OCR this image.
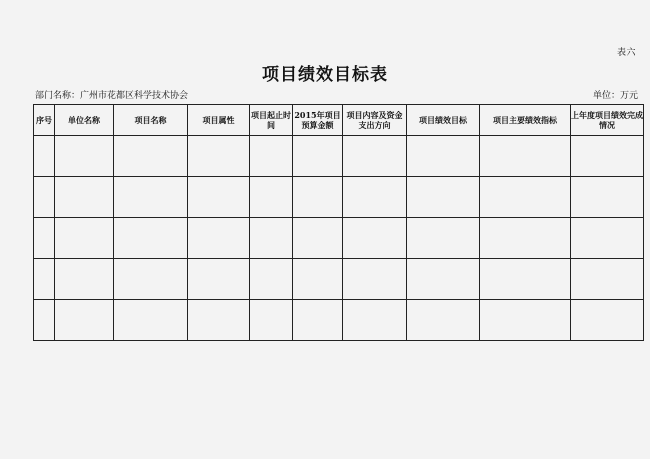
表六
项目绩效目标表
部门名称：广州市花都区科学技术协会	单位：万元
序号	单位名称	项目名称	项目属性	项目起止时间	2015年项目预算金额	项目内容及资金支出方向	项目绩效目标	项目主要绩效指标	上年度项目绩效完成情况
